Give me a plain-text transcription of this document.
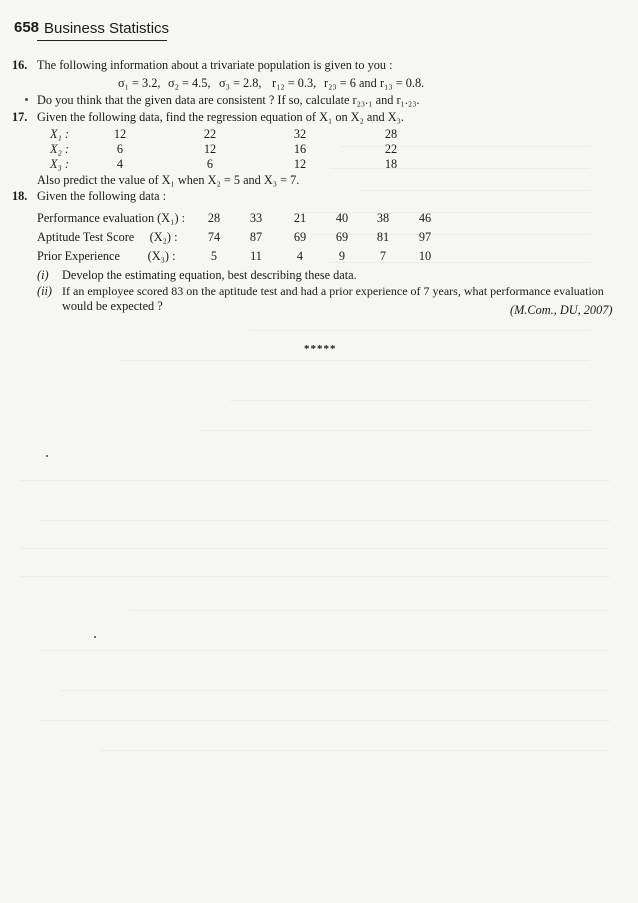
658 Business Statistics
16. The following information about a trivariate population is given to you :
σ₁ = 3.2, σ₂ = 4.5, σ₃ = 2.8, r₁₂ = 0.3, r₂₃ = 6 and r₁₃ = 0.8.
Do you think that the given data are consistent ? If so, calculate r₂₃.₁ and r₁.₂₃.
17. Given the following data, find the regression equation of X₁ on X₂ and X₃.
X₁ :	12	22	32	28
X₂ :	6	12	16	22
X₃ :	4	6	12	18
Also predict the value of X₁ when X₂ = 5 and X₃ = 7.
18. Given the following data :
Performance evaluation (X₁) :	28	33	21	40	38	46
Aptitude Test Score     (X₂) :	74	87	69	69	81	97
Prior Experience         (X₃) :	5	11	4	9	7	10
(i) Develop the estimating equation, best describing these data.
(ii) If an employee scored 83 on the aptitude test and had a prior experience of 7 years, what performance evaluation
would be expected ?	(M.Com., DU, 2007)
*****
